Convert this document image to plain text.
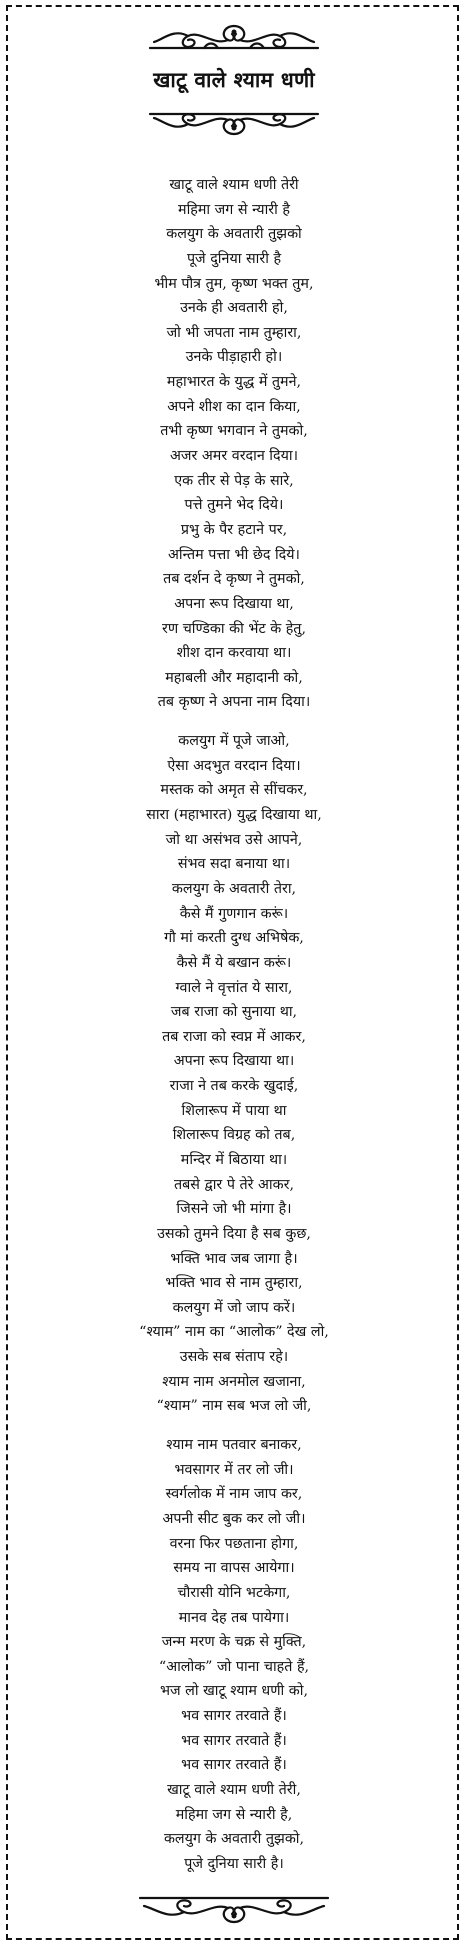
खाटू वाले श्याम धणी
खाटू वाले श्याम धणी तेरी
महिमा जग से न्यारी है
कलयुग के अवतारी तुझको
पूजे दुनिया सारी है
भीम पौत्र तुम, कृष्ण भक्त तुम,
उनके ही अवतारी हो,
जो भी जपता नाम तुम्हारा,
उनके पीड़ाहारी हो।
महाभारत के युद्ध में तुमने,
अपने शीश का दान किया,
तभी कृष्ण भगवान ने तुमको,
अजर अमर वरदान दिया।
एक तीर से पेड़ के सारे,
पत्ते तुमने भेद दिये।
प्रभु के पैर हटाने पर,
अन्तिम पत्ता भी छेद दिये।
तब दर्शन दे कृष्ण ने तुमको,
अपना रूप दिखाया था,
रण चण्डिका की भेंट के हेतु,
शीश दान करवाया था।
महाबली और महादानी को,
तब कृष्ण ने अपना नाम दिया।
कलयुग में पूजे जाओ,
ऐसा अदभुत वरदान दिया।
मस्तक को अमृत से सींचकर,
सारा (महाभारत) युद्ध दिखाया था,
जो था असंभव उसे आपने,
संभव सदा बनाया था।
कलयुग के अवतारी तेरा,
कैसे मैं गुणगान करूं।
गौ मां करती दुग्ध अभिषेक,
कैसे मैं ये बखान करूं।
ग्वाले ने वृत्तांत ये सारा,
जब राजा को सुनाया था,
तब राजा को स्वप्न में आकर,
अपना रूप दिखाया था।
राजा ने तब करके खुदाई,
शिलारूप में पाया था
शिलारूप विग्रह को तब,
मन्दिर में बिठाया था।
तबसे द्वार पे तेरे आकर,
जिसने जो भी मांगा है।
उसको तुमने दिया है सब कुछ,
भक्ति भाव जब जागा है।
भक्ति भाव से नाम तुम्हारा,
कलयुग में जो जाप करें।
“श्याम” नाम का “आलोक” देख लो,
उसके सब संताप रहे।
श्याम नाम अनमोल खजाना,
“श्याम” नाम सब भज लो जी,
श्याम नाम पतवार बनाकर,
भवसागर में तर लो जी।
स्वर्गलोक में नाम जाप कर,
अपनी सीट बुक कर लो जी।
वरना फिर पछताना होगा,
समय ना वापस आयेगा।
चौरासी योनि भटकेगा,
मानव देह तब पायेगा।
जन्म मरण के चक्र से मुक्ति,
“आलोक” जो पाना चाहते हैं,
भज लो खाटू श्याम धणी को,
भव सागर तरवाते हैं।
भव सागर तरवाते हैं।
भव सागर तरवाते हैं।
खाटू वाले श्याम धणी तेरी,
महिमा जग से न्यारी है,
कलयुग के अवतारी तुझको,
पूजे दुनिया सारी है।
